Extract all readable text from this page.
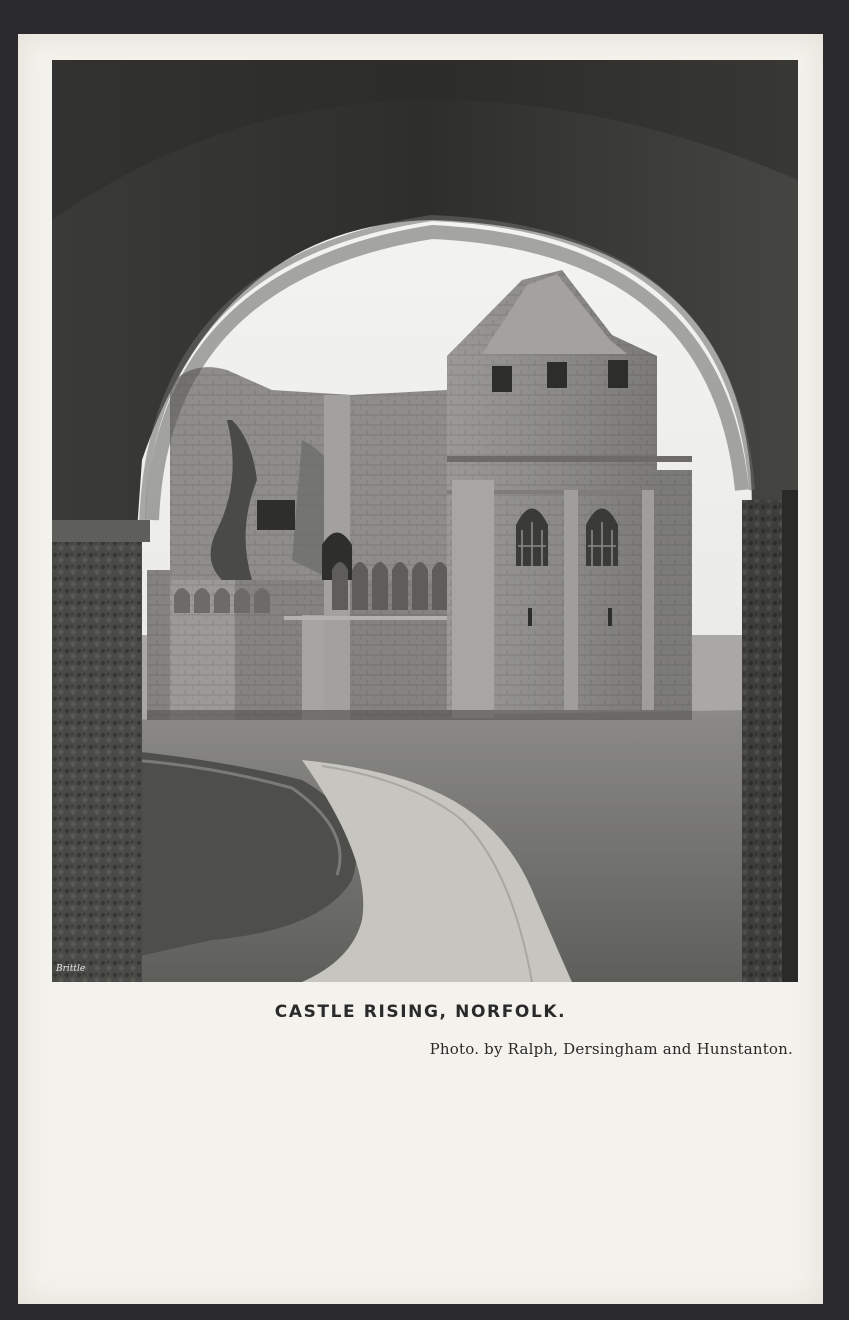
Brittle
CASTLE RISING, NORFOLK.
Photo. by Ralph, Dersingham and Hunstanton.
